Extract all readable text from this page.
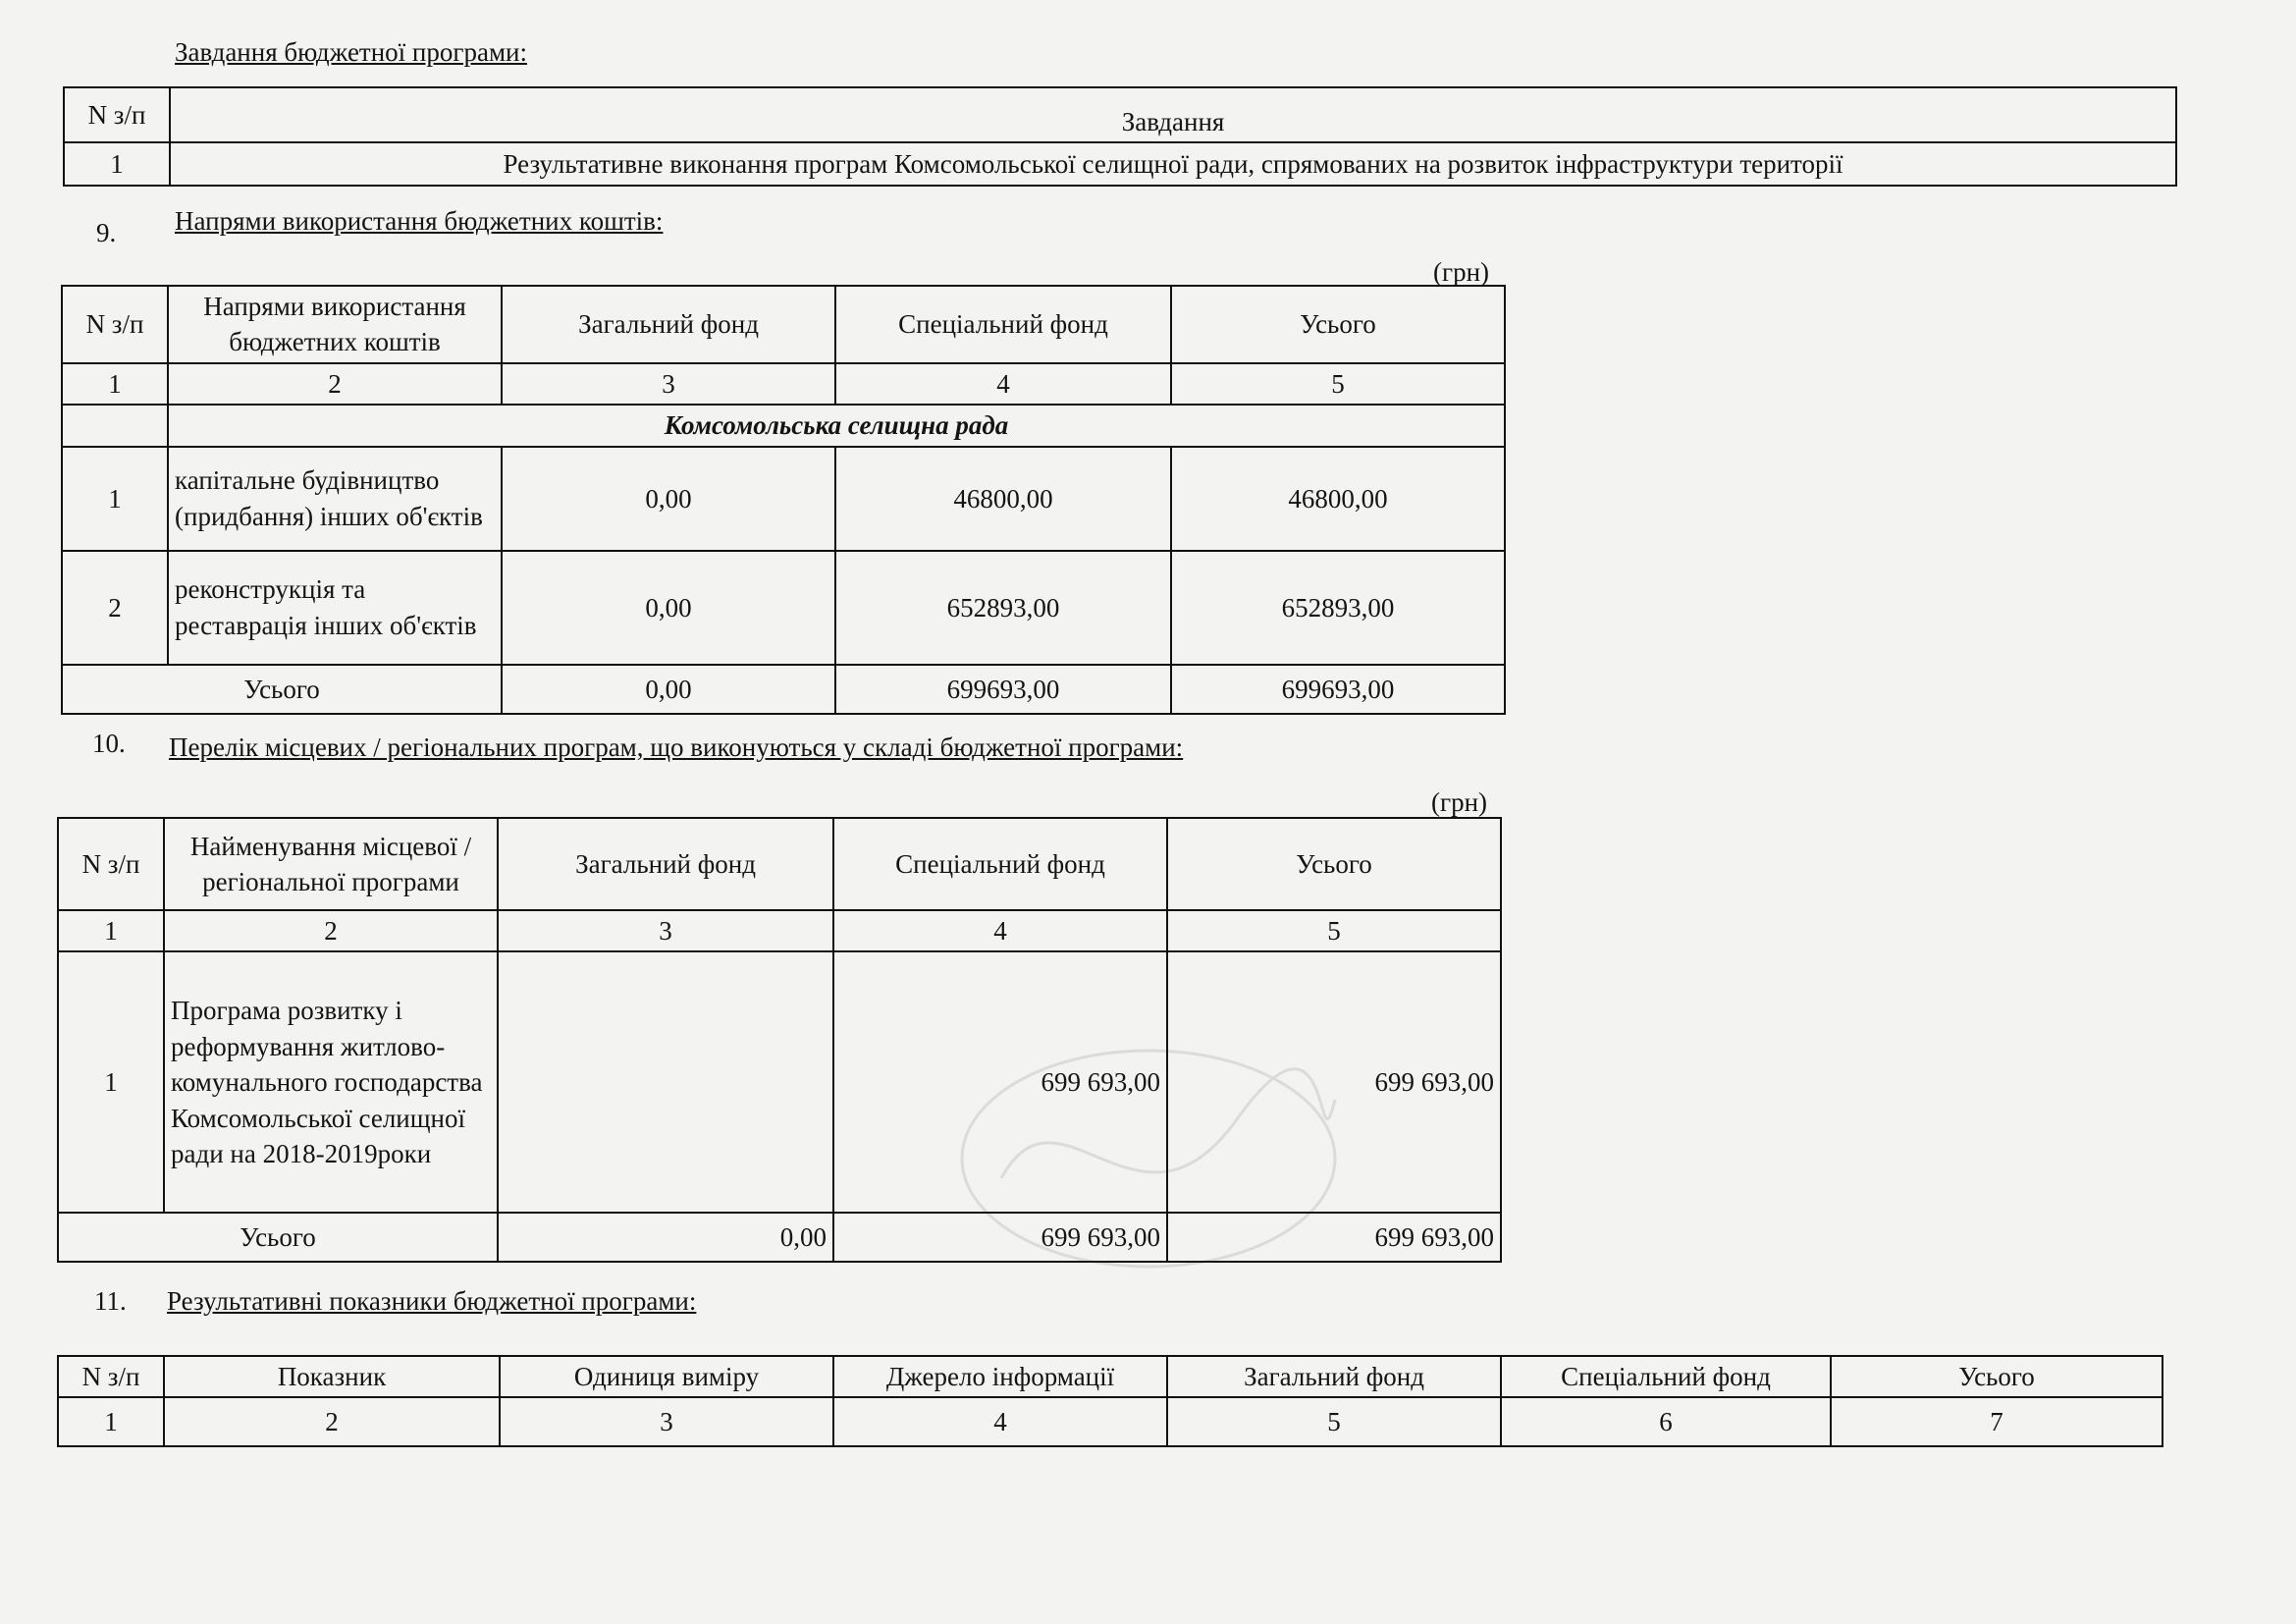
Завдання бюджетної програми:
N з/п	Завдання
1	Результативне виконання програм Комсомольської селищної ради, спрямованих на розвиток інфраструктури території
9. Напрями використання бюджетних коштів:
(грн)
N з/п	Напрями використання бюджетних коштів	Загальний фонд	Спеціальний фонд	Усього
1	2	3	4	5
	Комсомольська селищна рада			
1	капітальне будівництво (придбання) інших об'єктів	0,00	46800,00	46800,00
2	реконструкція та реставрація інших об'єктів	0,00	652893,00	652893,00
Усього		0,00	699693,00	699693,00
10. Перелік місцевих / регіональних програм, що виконуються у складі бюджетної програми:
(грн)
N з/п	Найменування місцевої / регіональної програми	Загальний фонд	Спеціальний фонд	Усього
1	2	3	4	5
1	Програма розвитку і реформування житлово-комунального господарства Комсомольської селищної ради на 2018-2019роки		699 693,00	699 693,00
Усього		0,00	699 693,00	699 693,00
11. Результативні показники бюджетної програми:
N з/п	Показник	Одиниця виміру	Джерело інформації	Загальний фонд	Спеціальний фонд	Усього
1	2	3	4	5	6	7
